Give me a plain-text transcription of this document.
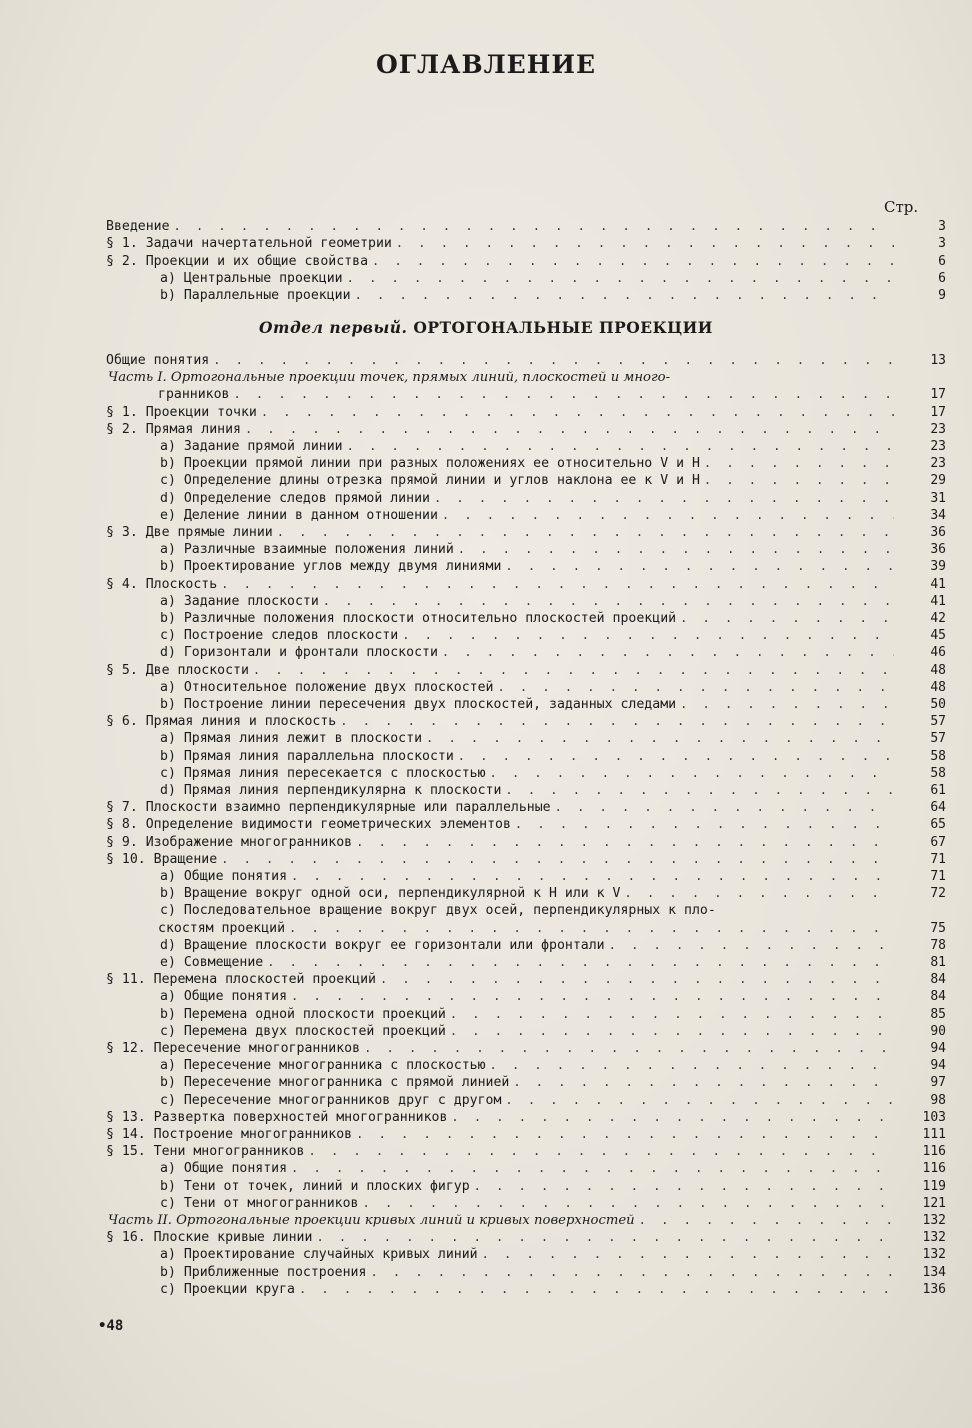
ОГЛАВЛЕНИЕ
Стр.
Введение . . .	3
§ 1. Задачи начертательной геометрии . . .	3
§ 2. Проекции и их общие свойства . . .	6
a) Центральные проекции . . .	6
b) Параллельные проекции . . .	9
Отдел первый. ОРТОГОНАЛЬНЫЕ ПРОЕКЦИИ
Общие понятия . . .	13
Часть I. Ортогональные проекции точек, прямых линий, плоскостей и много-
гранников . . .	17
§ 1. Проекции точки . . .	17
§ 2. Прямая линия . . .	23
a) Задание прямой линии . . .	23
b) Проекции прямой линии при разных положениях ее относительно V и H . . .	23
c) Определение длины отрезка прямой линии и углов наклона ее к V и H . . .	29
d) Определение следов прямой линии . . .	31
e) Деление линии в данном отношении . . .	34
§ 3. Две прямые линии . . .	36
a) Различные взаимные положения линий . . .	36
b) Проектирование углов между двумя линиями . . .	39
§ 4. Плоскость . . .	41
a) Задание плоскости . . .	41
b) Различные положения плоскости относительно плоскостей проекций . . .	42
c) Построение следов плоскости . . .	45
d) Горизонтали и фронтали плоскости . . .	46
§ 5. Две плоскости . . .	48
a) Относительное положение двух плоскостей . . .	48
b) Построение линии пересечения двух плоскостей, заданных следами . . .	50
§ 6. Прямая линия и плоскость . . .	57
a) Прямая линия лежит в плоскости . . .	57
b) Прямая линия параллельна плоскости . . .	58
c) Прямая линия пересекается с плоскостью . . .	58
d) Прямая линия перпендикулярна к плоскости . . .	61
§ 7. Плоскости взаимно перпендикулярные или параллельные . . .	64
§ 8. Определение видимости геометрических элементов . . .	65
§ 9. Изображение многогранников . . .	67
§ 10. Вращение . . .	71
a) Общие понятия . . .	71
b) Вращение вокруг одной оси, перпендикулярной к H или к V . . .	72
c) Последовательное вращение вокруг двух осей, перпендикулярных к пло-
скостям проекций . . .	75
d) Вращение плоскости вокруг ее горизонтали или фронтали . . .	78
e) Совмещение . . .	81
§ 11. Перемена плоскостей проекций . . .	84
a) Общие понятия . . .	84
b) Перемена одной плоскости проекций . . .	85
c) Перемена двух плоскостей проекций . . .	90
§ 12. Пересечение многогранников . . .	94
a) Пересечение многогранника с плоскостью . . .	94
b) Пересечение многогранника с прямой линией . . .	97
c) Пересечение многогранников друг с другом . . .	98
§ 13. Развертка поверхностей многогранников . . .	103
§ 14. Построение многогранников . . .	111
§ 15. Тени многогранников . . .	116
a) Общие понятия . . .	116
b) Тени от точек, линий и плоских фигур . . .	119
c) Тени от многогранников . . .	121
Часть II. Ортогональные проекции кривых линий и кривых поверхностей . . .	132
§ 16. Плоские кривые линии . . .	132
a) Проектирование случайных кривых линий . . .	132
b) Приближенные построения . . .	134
c) Проекции круга . . .	136
•48
